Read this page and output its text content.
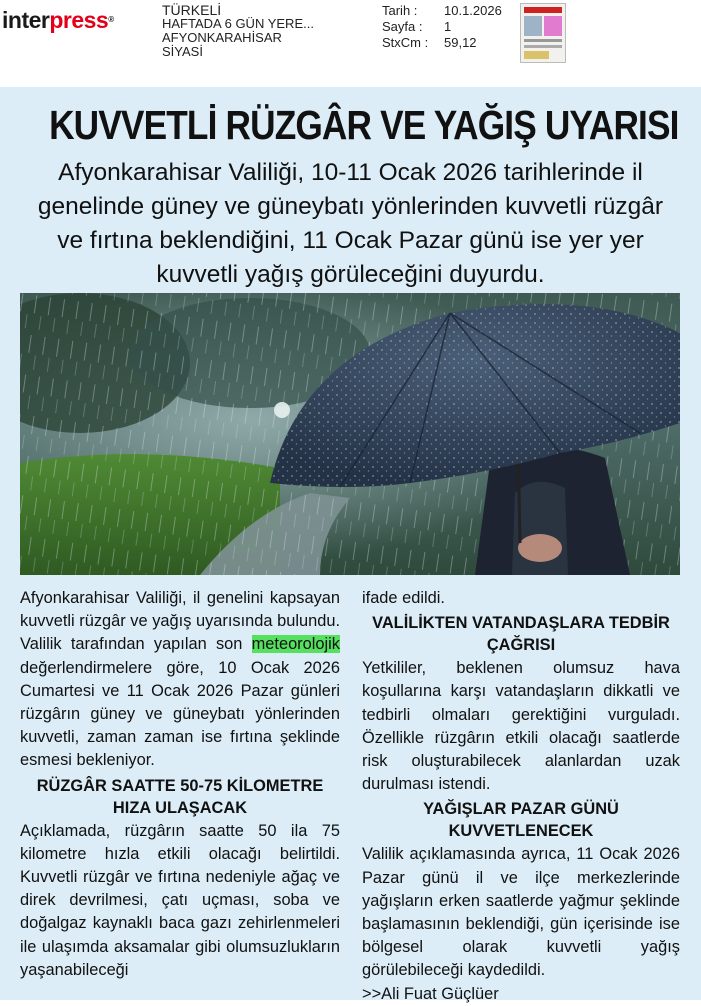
interpress®
TÜRKELİ
HAFTADA 6 GÜN YERE...
AFYONKARAHİSAR
SİYASİ
Tarih :	10.1.2026
Sayfa :	1
StxCm :	59,12
KUVVETLİ RÜZGÂR VE YAĞIŞ UYARISI
Afyonkarahisar Valiliği, 10-11 Ocak 2026 tarihlerinde il genelinde güney ve güneybatı yönlerinden kuvvetli rüzgâr ve fırtına beklendiğini, 11 Ocak Pazar günü ise yer yer kuvvetli yağış görüleceğini duyurdu.

Afyonkarahisar Valiliği, il genelini kapsayan kuvvetli rüzgâr ve yağış uyarısında bulundu. Valilik tarafından yapılan son meteorolojik değerlendirmelere göre, 10 Ocak 2026 Cumartesi ve 11 Ocak 2026 Pazar günleri rüzgârın güney ve güneybatı yönlerinden kuvvetli, zaman zaman ise fırtına şeklinde esmesi bekleniyor.

RÜZGÂR SAATTE 50-75 KİLOMETRE HIZA ULAŞACAK

Açıklamada, rüzgârın saatte 50 ila 75 kilometre hızla etkili olacağı belirtildi. Kuvvetli rüzgâr ve fırtına nedeniyle ağaç ve direk devrilmesi, çatı uçması, soba ve doğalgaz kaynaklı baca gazı zehirlenmeleri ile ulaşımda aksamalar gibi olumsuzlukların yaşanabileceği

ifade edildi.

VALİLİKTEN VATANDAŞLARA TEDBİR ÇAĞRISI

Yetkililer, beklenen olumsuz hava koşullarına karşı vatandaşların dikkatli ve tedbirli olmaları gerektiğini vurguladı. Özellikle rüzgârın etkili olacağı saatlerde risk oluşturabilecek alanlardan uzak durulması istendi.

YAĞIŞLAR PAZAR GÜNÜ KUVVETLENECEK

Valilik açıklamasında ayrıca, 11 Ocak 2026 Pazar günü il ve ilçe merkezlerinde yağışların erken saatlerde yağmur şeklinde başlamasının beklendiği, gün içerisinde ise bölgesel olarak kuvvetli yağış görülebileceği kaydedildi.

>>Ali Fuat Güçlüer
